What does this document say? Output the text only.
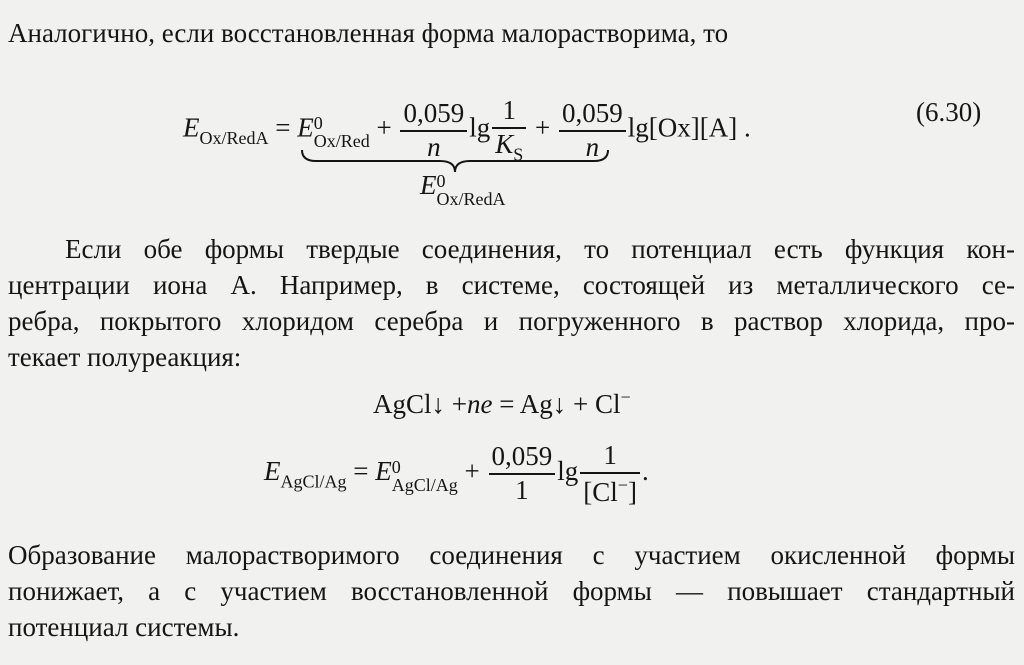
Аналогично, если восстановленная форма малорастворима, то
$E_{Ox/RedA} = E$ 0
$Ox/Red + \frac{0,059}{n}$ $\lg \frac{1}{K_S} + \frac{0,059}{n} \lg[Ox][A]$ .
E 0
Ox/RedA
(6.30)
Если обе формы твердые соединения, то потенциал есть функция кон-
центрации иона А. Например, в системе, состоящей из металлического се-
ребра, покрытого хлоридом серебра и погруженного в раствор хлорида, про-
текает полуреакция:
AgCl↓ +ne = Ag↓ + Cl−
$E_{AgCl/Ag} = E$ 0
AgCl/Ag + $\frac{0,059}{1}$ $\lg \frac{1}{[Cl^-]}$ .
Образование малорастворимого соединения с участием окисленной формы
понижает, а с участием восстановленной формы — повышает стандартный
потенциал системы.
